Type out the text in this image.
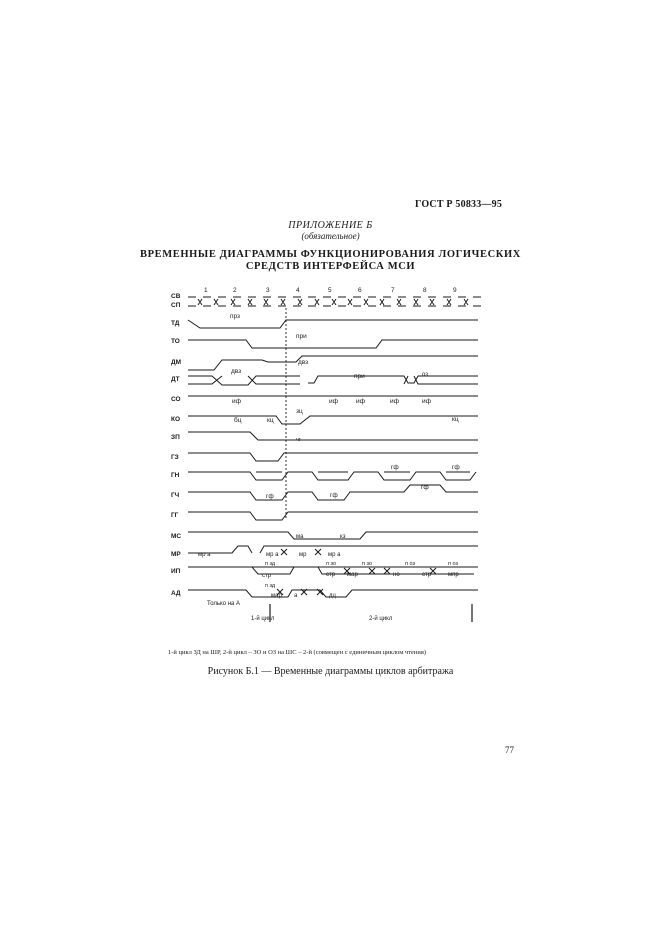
ГОСТ Р 50833—95
ПРИЛОЖЕНИЕ Б
(обязательное)
ВРЕМЕННЫЕ ДИАГРАММЫ ФУНКЦИОНИРОВАНИЯ ЛОГИЧЕСКИХ
СРЕДСТВ ИНТЕРФЕЙСА МСИ
СВ
СП
ТД
ТО
ДМ
ДТ
СО
КО
ЗП
ГЗ
ГН
ГЧ
ГГ
МС
МР
ИП
АД
1	2	3	4	5	6	7	8	9
прз
при
двз
двз
при	оз
иф	иф	иф	иф	иф
бц	кц
зц
кц
чг
гф	гф
гф	гф
гф
ма	кз
мр а	мр а	мр	мр а
п зд	п зо	п зо	п оз	п оз
стр
мар
стр мар	но	стр	мпр
п зд
а	дц
Только на А
1-й цикл	2-й цикл
1-й цикл ЗД на ШР, 2-й цикл – ЗО и ОЗ на ШС – 2-й (совмещен с единичным циклом чтения)
Рисунок Б.1 — Временные диаграммы циклов арбитража
77
